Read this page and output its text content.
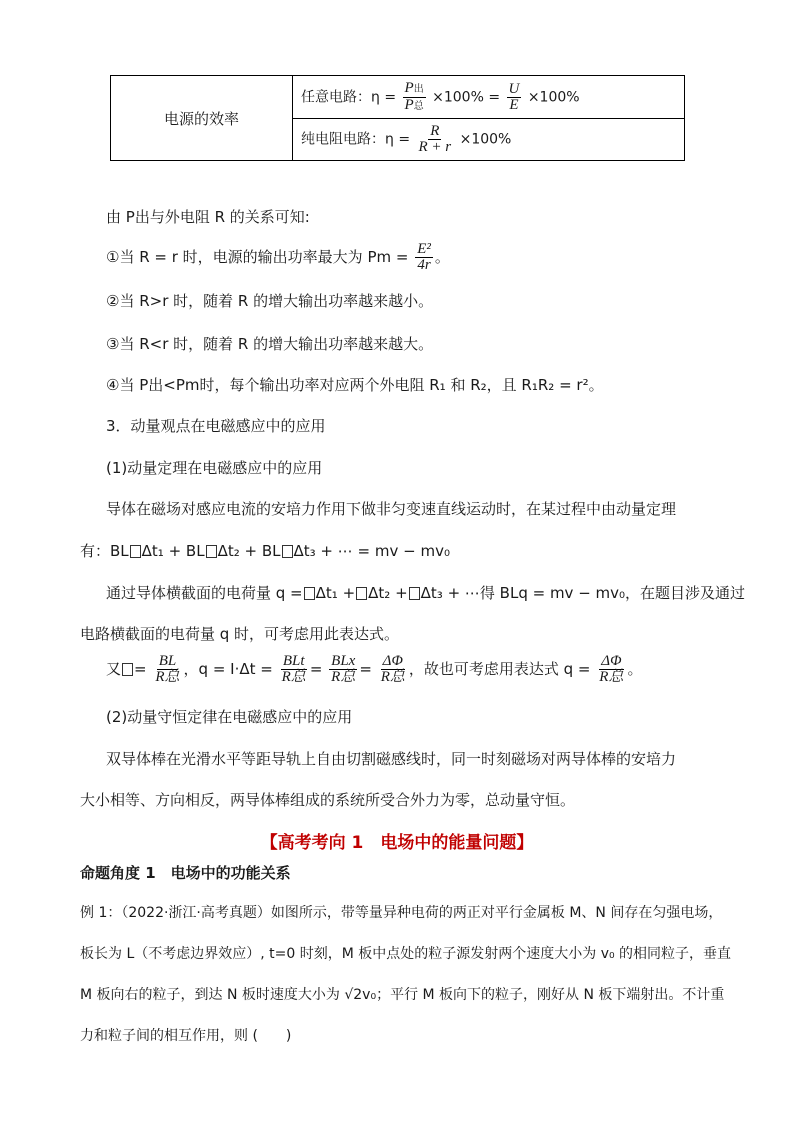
电源的效率	任意电路：$\eta = \frac{\text{P出}}{\text{P总}} \times 100\% = \frac{U}{E} \times 100\%$
纯电阻电路：$\eta = \frac{R}{R + r} \times 100\%$
由 P出与外电阻 R 的关系可知:
①当 R = r 时，电源的输出功率最大为 $Pm = \frac{\text{E²}}{4r}$ 。
②当 R>r 时，随着 R 的增大输出功率越来越小。
③当 R<r 时，随着 R 的增大输出功率越来越大。
④当 P出<Pm时，每个输出功率对应两个外电阻 R₁ 和 R₂，且 R₁R₂ = r²。
3．动量观点在电磁感应中的应用
(1)动量定理在电磁感应中的应用
导体在磁场对感应电流的安培力作用下做非匀变速直线运动时，在某过程中由动量定理
有：BL Δt₁ + BL Δt₂ + BL Δt₃ + ⋯ = mv − mv₀
通过导体横截面的电荷量 q = Δt₁ + Δt₂ + Δt₃ + ⋯得 BLq = mv − mv₀，在题目涉及通过
电路横截面的电荷量 q 时，可考虑用此表达式。
又 = $\frac{BL}{\text{R总}}$ ，$q = I\cdot\Delta t = \frac{\text{BLt}}{\text{R总}} = \frac{\text{BLx}}{\text{R总}} = \frac{\Delta\Phi}{\text{R总}}$ ，故也可考虑用表达式 $q = \frac{\Delta\Phi}{\text{R总}}$ 。
(2)动量守恒定律在电磁感应中的应用
双导体棒在光滑水平等距导轨上自由切割磁感线时，同一时刻磁场对两导体棒的安培力
大小相等、方向相反，两导体棒组成的系统所受合外力为零，总动量守恒。
【高考考向 1　电场中的能量问题】
命题角度 1　电场中的功能关系
例 1：（2022·浙江·高考真题）如图所示，带等量异种电荷的两正对平行金属板 M、N 间存在匀强电场，
板长为 L（不考虑边界效应）, t=0 时刻，M 板中点处的粒子源发射两个速度大小为 v₀ 的相同粒子，垂直
M 板向右的粒子，到达 N 板时速度大小为 √2v₀；平行 M 板向下的粒子，刚好从 N 板下端射出。不计重
力和粒子间的相互作用，则 (　　)
